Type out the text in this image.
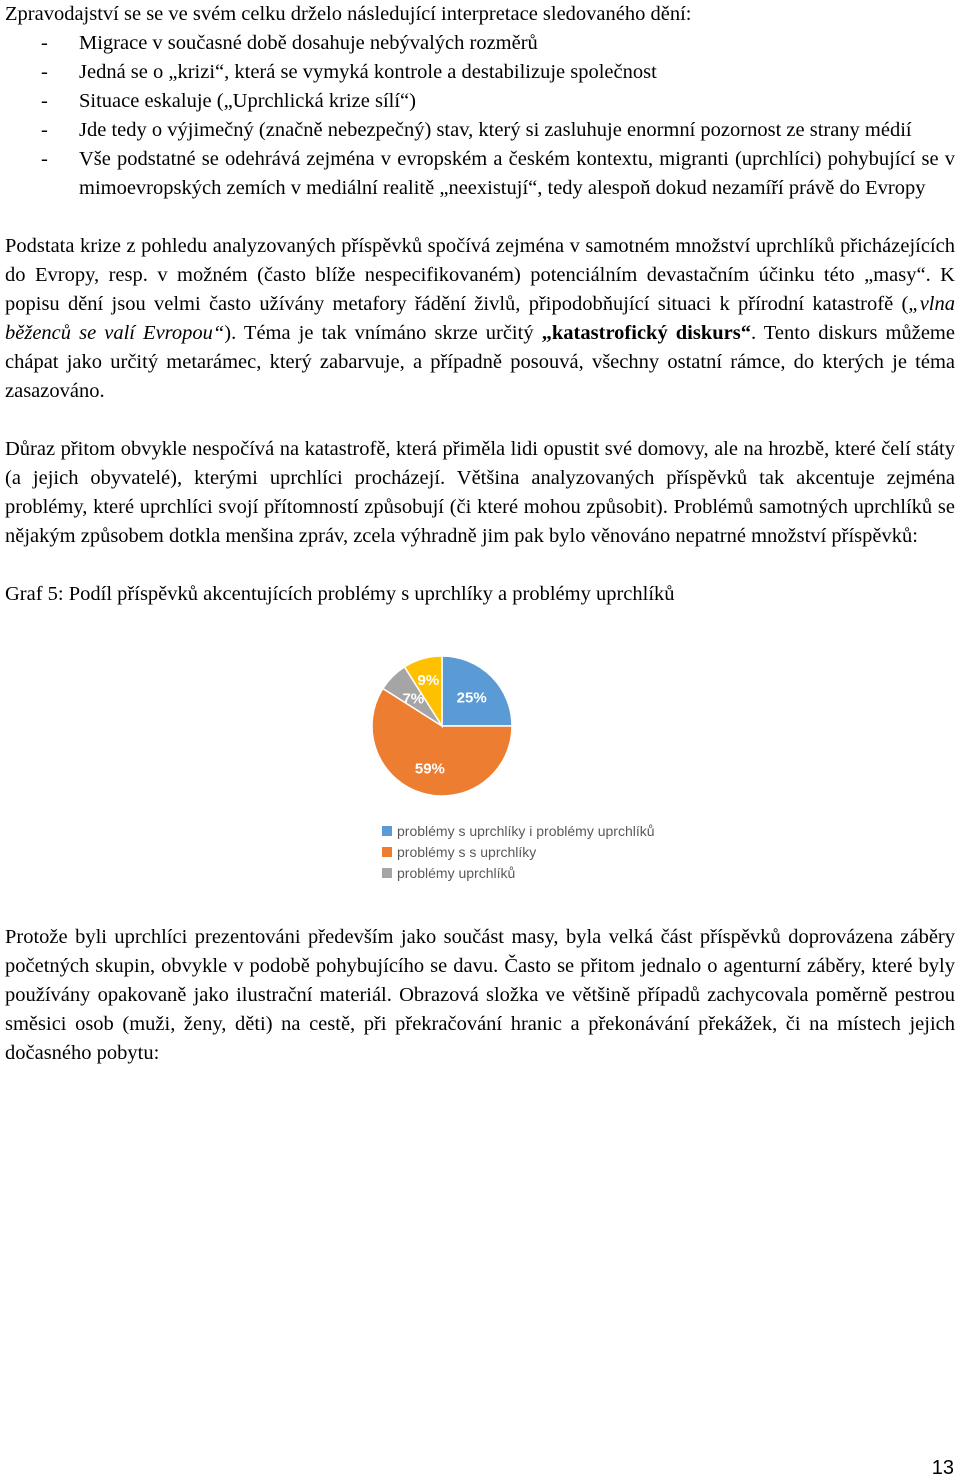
Zpravodajství se se ve svém celku drželo následující interpretace sledovaného dění:

- Migrace v současné době dosahuje nebývalých rozměrů
- Jedná se o „krizi“, která se vymyká kontrole a destabilizuje společnost
- Situace eskaluje („Uprchlická krize sílí“)
- Jde tedy o výjimečný (značně nebezpečný) stav, který si zasluhuje enormní pozornost ze strany médií
- Vše podstatné se odehrává zejména v evropském a českém kontextu, migranti (uprchlíci) pohybující se v mimoevropských zemích v mediální realitě „neexistují“, tedy alespoň dokud nezamíří právě do Evropy

Podstata krize z pohledu analyzovaných příspěvků spočívá zejména v samotném množství uprchlíků přicházejících do Evropy, resp. v možném (často blíže nespecifikovaném) potenciálním devastačním účinku této „masy“. K popisu dění jsou velmi často užívány metafory řádění živlů, připodobňující situaci k přírodní katastrofě („vlna běženců se valí Evropou“). Téma je tak vnímáno skrze určitý „katastrofický diskurs“. Tento diskurs můžeme chápat jako určitý metarámec, který zabarvuje, a případně posouvá, všechny ostatní rámce, do kterých je téma zasazováno.

Důraz přitom obvykle nespočívá na katastrofě, která přiměla lidi opustit své domovy, ale na hrozbě, které čelí státy (a jejich obyvatelé), kterými uprchlíci procházejí. Většina analyzovaných příspěvků tak akcentuje zejména problémy, které uprchlíci svojí přítomností způsobují (či které mohou způsobit). Problémů samotných uprchlíků se nějakým způsobem dotkla menšina zpráv, zcela výhradně jim pak bylo věnováno nepatrné množství příspěvků:

Graf 5: Podíl příspěvků akcentujících problémy s uprchlíky a problémy uprchlíků
25%
59%
7%
9%
problémy s uprchlíky i problémy uprchlíků
problémy s s uprchlíky
problémy uprchlíků

Protože byli uprchlíci prezentováni především jako součást masy, byla velká část příspěvků doprovázena záběry početných skupin, obvykle v podobě pohybujícího se davu. Často se přitom jednalo o agenturní záběry, které byly používány opakovaně jako ilustrační materiál. Obrazová složka ve většině případů zachycovala poměrně pestrou směsici osob (muži, ženy, děti) na cestě, při překračování hranic a překonávání překážek, či na místech jejich dočasného pobytu:

13
